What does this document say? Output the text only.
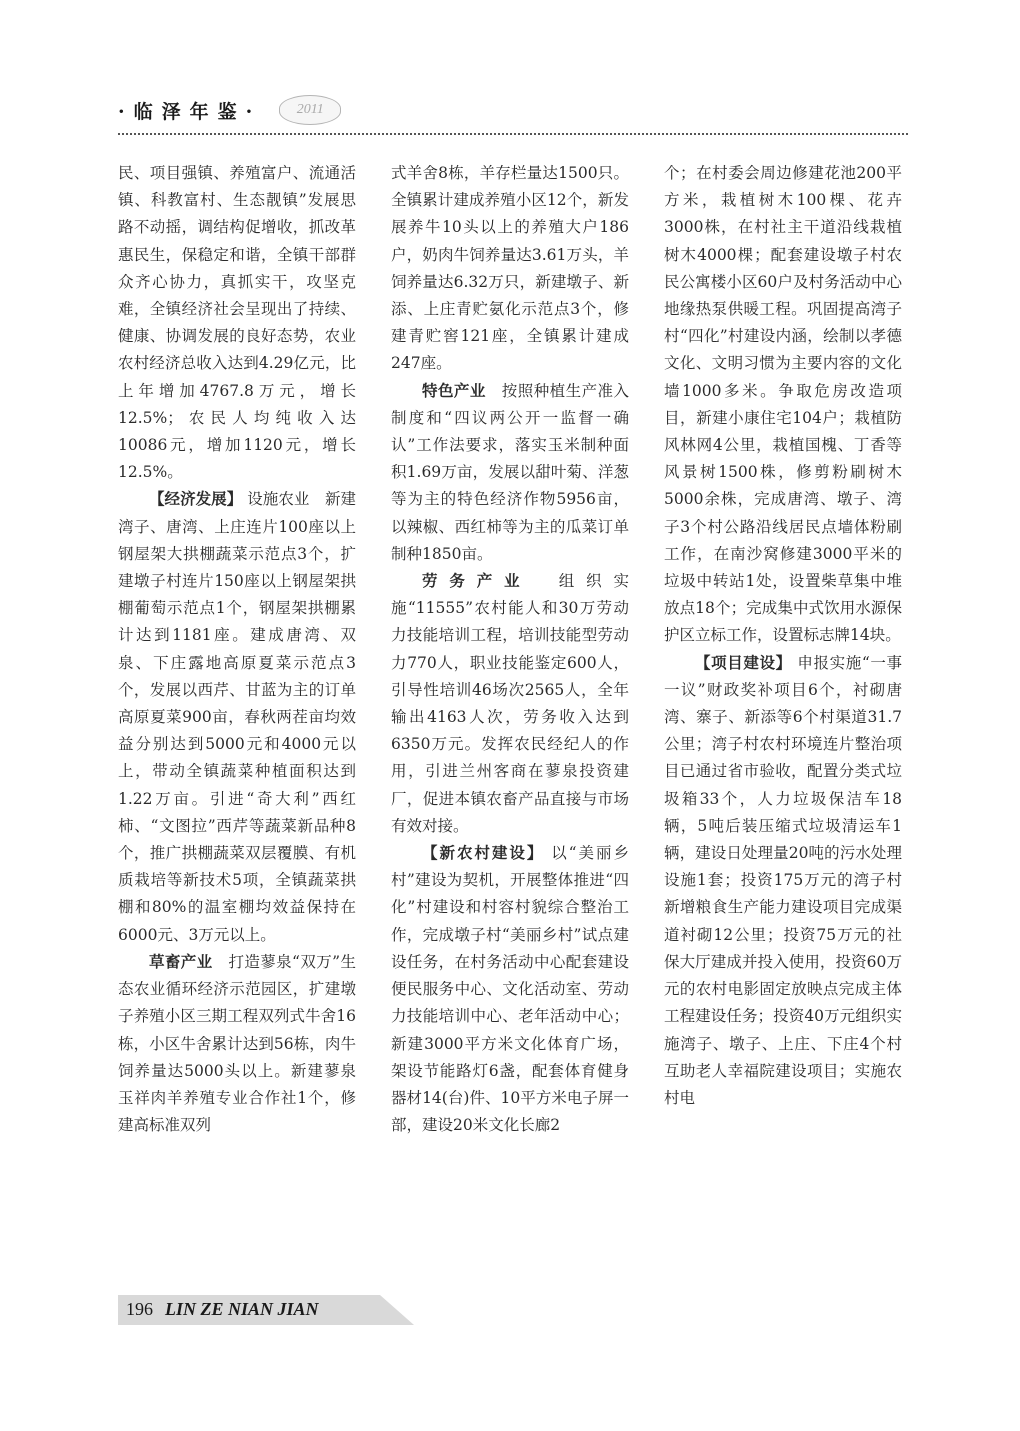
·临泽年鉴·	2011

民、项目强镇、养殖富户、流通活镇、科教富村、生态靓镇”发展思路不动摇，调结构促增收，抓改革惠民生，保稳定和谐，全镇干部群众齐心协力，真抓实干，攻坚克难，全镇经济社会呈现出了持续、健康、协调发展的良好态势，农业农村经济总收入达到4.29亿元，比上年增加4767.8万元，增长12.5%；农民人均纯收入达10086元，增加1120元，增长12.5%。

【经济发展】 设施农业　新建湾子、唐湾、上庄连片100座以上钢屋架大拱棚蔬菜示范点3个，扩建墩子村连片150座以上钢屋架拱棚葡萄示范点1个，钢屋架拱棚累计达到1181座。建成唐湾、双泉、下庄露地高原夏菜示范点3个，发展以西芹、甘蓝为主的订单高原夏菜900亩，春秋两茬亩均效益分别达到5000元和4000元以上，带动全镇蔬菜种植面积达到1.22万亩。引进“奇大利”西红柿、“文图拉”西芹等蔬菜新品种8个，推广拱棚蔬菜双层覆膜、有机质栽培等新技术5项，全镇蔬菜拱棚和80%的温室棚均效益保持在6000元、3万元以上。

草畜产业　打造蓼泉“双万”生态农业循环经济示范园区，扩建墩子养殖小区三期工程双列式牛舍16栋，小区牛舍累计达到56栋，肉牛饲养量达5000头以上。新建蓼泉玉祥肉羊养殖专业合作社1个，修建高标准双列

式羊舍8栋，羊存栏量达1500只。全镇累计建成养殖小区12个，新发展养牛10头以上的养殖大户186户，奶肉牛饲养量达3.61万头，羊饲养量达6.32万只，新建墩子、新添、上庄青贮氨化示范点3个，修建青贮窖121座，全镇累计建成247座。

特色产业　按照种植生产准入制度和“四议两公开一监督一确认”工作法要求，落实玉米制种面积1.69万亩，发展以甜叶菊、洋葱等为主的特色经济作物5956亩，以辣椒、西红柿等为主的瓜菜订单制种1850亩。

劳务产业　组织实施“11555”农村能人和30万劳动力技能培训工程，培训技能型劳动力770人，职业技能鉴定600人，引导性培训46场次2565人，全年输出4163人次，劳务收入达到6350万元。发挥农民经纪人的作用，引进兰州客商在蓼泉投资建厂，促进本镇农畜产品直接与市场有效对接。

【新农村建设】 以“美丽乡村”建设为契机，开展整体推进“四化”村建设和村容村貌综合整治工作，完成墩子村“美丽乡村”试点建设任务，在村务活动中心配套建设便民服务中心、文化活动室、劳动力技能培训中心、老年活动中心；新建3000平方米文化体育广场，架设节能路灯6盏，配套体育健身器材14(台)件、10平方米电子屏一部，建设20米文化长廊2

个；在村委会周边修建花池200平方米，栽植树木100棵、花卉3000株，在村社主干道沿线栽植树木4000棵；配套建设墩子村农民公寓楼小区60户及村务活动中心地缘热泵供暖工程。巩固提高湾子村“四化”村建设内涵，绘制以孝德文化、文明习惯为主要内容的文化墙1000多米。争取危房改造项目，新建小康住宅104户；栽植防风林网4公里，栽植国槐、丁香等风景树1500株，修剪粉刷树木5000余株，完成唐湾、墩子、湾子3个村公路沿线居民点墙体粉刷工作，在南沙窝修建3000平米的垃圾中转站1处，设置柴草集中堆放点18个；完成集中式饮用水源保护区立标工作，设置标志牌14块。

【项目建设】 申报实施“一事一议”财政奖补项目6个，衬砌唐湾、寨子、新添等6个村渠道31.7公里；湾子村农村环境连片整治项目已通过省市验收，配置分类式垃圾箱33个，人力垃圾保洁车18辆，5吨后装压缩式垃圾清运车1辆，建设日处理量20吨的污水处理设施1套；投资175万元的湾子村新增粮食生产能力建设项目完成渠道衬砌12公里；投资75万元的社保大厅建成并投入使用，投资60万元的农村电影固定放映点完成主体工程建设任务；投资40万元组织实施湾子、墩子、上庄、下庄4个村互助老人幸福院建设项目；实施农村电

196 LIN ZE NIAN JIAN
